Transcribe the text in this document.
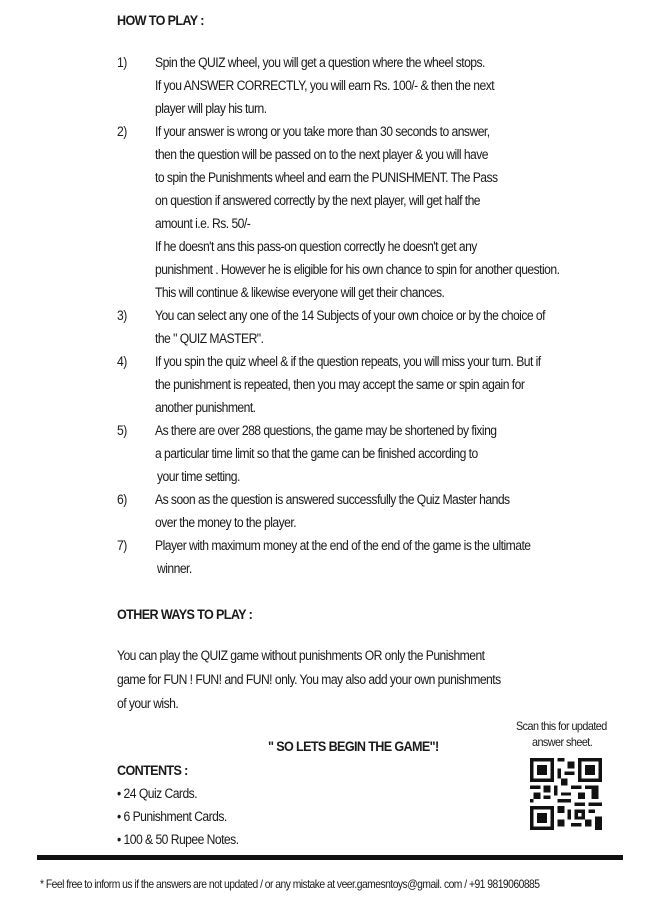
HOW TO PLAY :
1) Spin the QUIZ wheel, you will get a question where the wheel stops.
If you ANSWER CORRECTLY, you will earn Rs. 100/- & then the next
player will play his turn.
2) If your answer is wrong or you take more than 30 seconds to answer,
then the question will be passed on to the next player & you will have
to spin the Punishments wheel and earn the PUNISHMENT. The Pass
on question if answered correctly by the next player, will get half the
amount i.e. Rs. 50/-
If he doesn't ans this pass-on question correctly he doesn't get any
punishment . However he is eligible for his own chance to spin for another question.
This will continue & likewise everyone will get their chances.
3) You can select any one of the 14 Subjects of your own choice or by the choice of
the " QUIZ MASTER".
4) If you spin the quiz wheel & if the question repeats, you will miss your turn. But if
the punishment is repeated, then you may accept the same or spin again for
another punishment.
5) As there are over 288 questions, the game may be shortened by fixing
a particular time limit so that the game can be finished according to
your time setting.
6) As soon as the question is answered successfully the Quiz Master hands
over the money to the player.
7) Player with maximum money at the end of the end of the game is the ultimate
winner.
OTHER WAYS TO PLAY :
You can play the QUIZ game without punishments OR only the Punishment
game for FUN ! FUN! and FUN! only. You may also add your own punishments
of your wish.
" SO LETS BEGIN THE GAME"!
Scan this for updated
answer sheet.
CONTENTS :
• 24 Quiz Cards.
• 6 Punishment Cards.
• 100 & 50 Rupee Notes.
* Feel free to inform us if the answers are not updated / or any mistake at veer.gamesntoys@gmail. com / +91 9819060885
